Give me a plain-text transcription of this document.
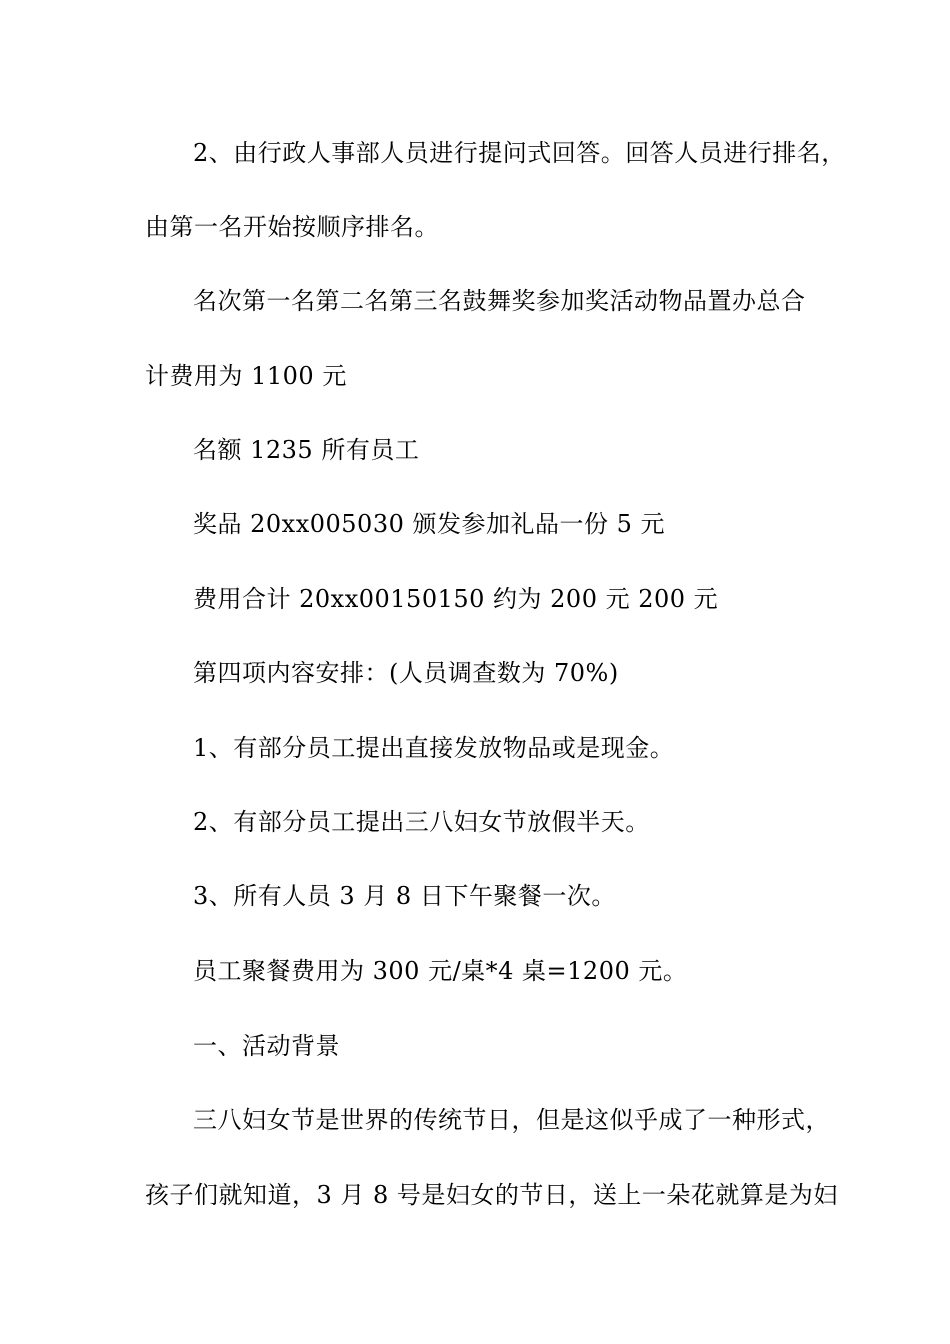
2、由行政人事部人员进行提问式回答。回答人员进行排名，
由第一名开始按顺序排名。
名次第一名第二名第三名鼓舞奖参加奖活动物品置办总合
计费用为 1100 元
名额 1235 所有员工
奖品 20xx005030 颁发参加礼品一份 5 元
费用合计 20xx00150150 约为 200 元 200 元
第四项内容安排：(人员调查数为 70%)
1、有部分员工提出直接发放物品或是现金。
2、有部分员工提出三八妇女节放假半天。
3、所有人员 3 月 8 日下午聚餐一次。
员工聚餐费用为 300 元/桌*4 桌=1200 元。
一、活动背景
三八妇女节是世界的传统节日，但是这似乎成了一种形式，
孩子们就知道，3 月 8 号是妇女的节日，送上一朵花就算是为妇
